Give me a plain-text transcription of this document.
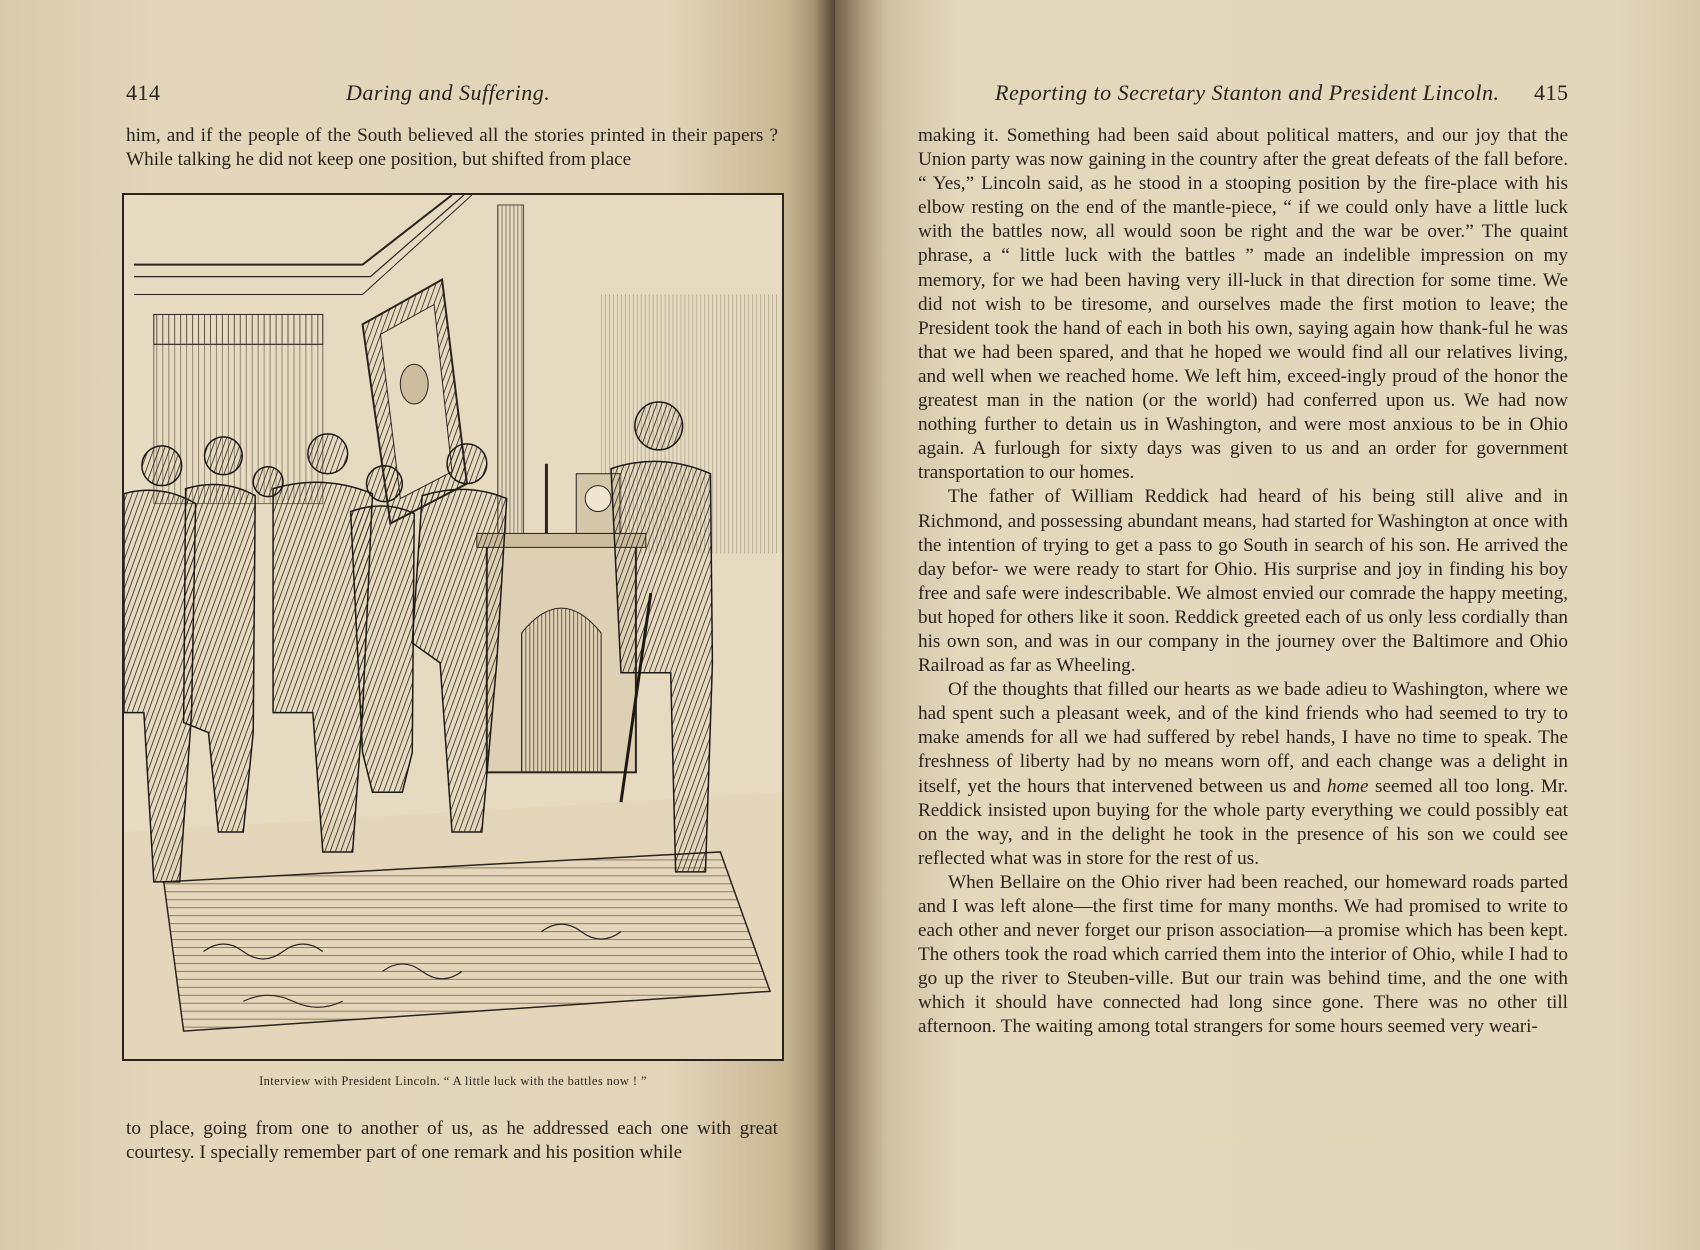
414	Daring and Suffering.

him, and if the people of the South believed all the stories printed in their papers ? While talking he did not keep one position, but shifted from place

Interview with President Lincoln. “ A little luck with the battles now ! ”

to place, going from one to another of us, as he addressed each one with great courtesy. I specially remember part of one remark and his position while

Reporting to Secretary Stanton and President Lincoln. 415

making it. Something had been said about political matters, and our joy that the Union party was now gaining in the country after the great defeats of the fall before. “ Yes,” Lincoln said, as he stood in a stooping position by the fire-place with his elbow resting on the end of the mantle-piece, “ if we could only have a little luck with the battles now, all would soon be right and the war be over.” The quaint phrase, a “ little luck with the battles ” made an indelible impression on my memory, for we had been having very ill-luck in that direction for some time. We did not wish to be tiresome, and ourselves made the first motion to leave; the President took the hand of each in both his own, saying again how thank-ful he was that we had been spared, and that he hoped we would find all our relatives living, and well when we reached home. We left him, exceed-ingly proud of the honor the greatest man in the nation (or the world) had conferred upon us. We had now nothing further to detain us in Washington, and were most anxious to be in Ohio again. A furlough for sixty days was given to us and an order for government transportation to our homes.

The father of William Reddick had heard of his being still alive and in Richmond, and possessing abundant means, had started for Washington at once with the intention of trying to get a pass to go South in search of his son. He arrived the day befor- we were ready to start for Ohio. His surprise and joy in finding his boy free and safe were indescribable. We almost envied our comrade the happy meeting, but hoped for others like it soon. Reddick greeted each of us only less cordially than his own son, and was in our company in the journey over the Baltimore and Ohio Railroad as far as Wheeling.

Of the thoughts that filled our hearts as we bade adieu to Washington, where we had spent such a pleasant week, and of the kind friends who had seemed to try to make amends for all we had suffered by rebel hands, I have no time to speak. The freshness of liberty had by no means worn off, and each change was a delight in itself, yet the hours that intervened between us and home seemed all too long. Mr. Reddick insisted upon buying for the whole party everything we could possibly eat on the way, and in the delight he took in the presence of his son we could see reflected what was in store for the rest of us.

When Bellaire on the Ohio river had been reached, our homeward roads parted and I was left alone—the first time for many months. We had promised to write to each other and never forget our prison association—a promise which has been kept. The others took the road which carried them into the interior of Ohio, while I had to go up the river to Steuben-ville. But our train was behind time, and the one with which it should have connected had long since gone. There was no other till afternoon. The waiting among total strangers for some hours seemed very weari-
